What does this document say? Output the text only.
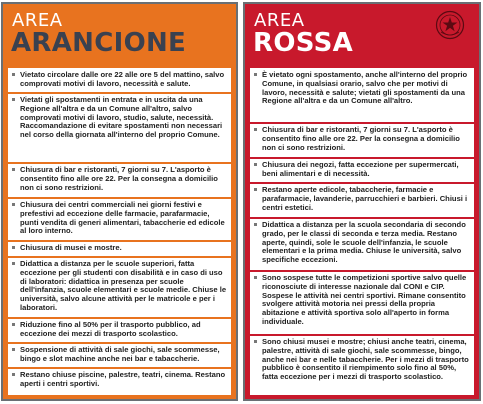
AREA
ARANCIONE
Vietato circolare dalle ore 22 alle ore 5 del mattino, salvo comprovati motivi di lavoro, necessità e salute.
Vietati gli spostamenti in entrata e in uscita da una Regione all'altra e da un Comune all'altro, salvo comprovati motivi di lavoro, studio, salute, necessità. Raccomandazione di evitare spostamenti non necessari nel corso della giornata all'interno del proprio Comune.
Chiusura di bar e ristoranti, 7 giorni su 7. L'asporto è consentito fino alle ore 22. Per la consegna a domicilio non ci sono restrizioni.
Chiusura dei centri commerciali nei giorni festivi e prefestivi ad eccezione delle farmacie, parafarmacie, punti vendita di generi alimentari, tabaccherie ed edicole al loro interno.
Chiusura di musei e mostre.
Didattica a distanza per le scuole superiori, fatta eccezione per gli studenti con disabilità e in caso di uso di laboratori: didattica in presenza per scuole dell'infanzia, scuole elementari e scuole medie. Chiuse le università, salvo alcune attività per le matricole e per i laboratori.
Riduzione fino al 50% per il trasporto pubblico, ad eccezione dei mezzi di trasporto scolastico.
Sospensione di attività di sale giochi, sale scommesse, bingo e slot machine anche nei bar e tabaccherie.
Restano chiuse piscine, palestre, teatri, cinema. Restano aperti i centri sportivi.
AREA
ROSSA
È vietato ogni spostamento, anche all'interno del proprio Comune, in qualsiasi orario, salvo che per motivi di lavoro, necessità e salute; vietati gli spostamenti da una Regione all'altra e da un Comune all'altro.
Chiusura di bar e ristoranti, 7 giorni su 7. L'asporto è consentito fino alle ore 22. Per la consegna a domicilio non ci sono restrizioni.
Chiusura dei negozi, fatta eccezione per supermercati, beni alimentari e di necessità.
Restano aperte edicole, tabaccherie, farmacie e parafarmacie, lavanderie, parrucchieri e barbieri. Chiusi i centri estetici.
Didattica a distanza per la scuola secondaria di secondo grado, per le classi di seconda e terza media. Restano aperte, quindi, sole le scuole dell'infanzia, le scuole elementari e la prima media. Chiuse le università, salvo specifiche eccezioni.
Sono sospese tutte le competizioni sportive salvo quelle riconosciute di interesse nazionale dal CONI e CIP. Sospese le attività nei centri sportivi. Rimane consentito svolgere attività motoria nei pressi della propria abitazione e attività sportiva solo all'aperto in forma individuale.
Sono chiusi musei e mostre; chiusi anche teatri, cinema, palestre, attività di sale giochi, sale scommesse, bingo, anche nei bar e nelle tabaccherie. Per i mezzi di trasporto pubblico è consentito il riempimento solo fino al 50%, fatta eccezione per i mezzi di trasporto scolastico.
